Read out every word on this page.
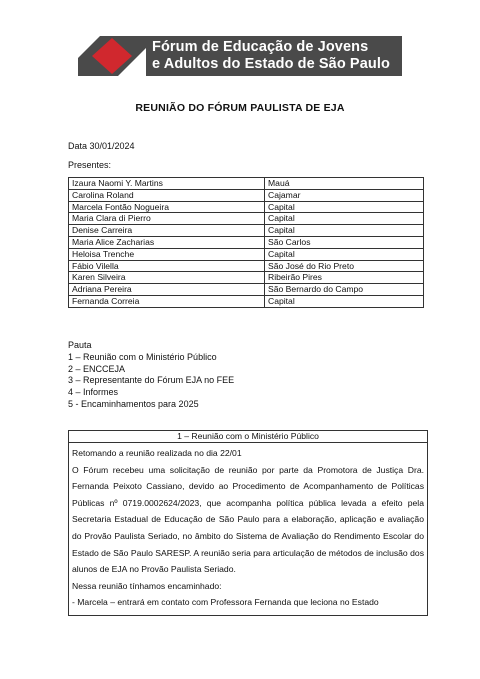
Fórum de Educação de Jovens
e Adultos do Estado de São Paulo
REUNIÃO DO FÓRUM PAULISTA DE EJA
Data 30/01/2024
Presentes:
Izaura Naomi Y. Martins	Mauá
Carolina Roland	Cajamar
Marcela Fontão Nogueira	Capital
Maria Clara di Pierro	Capital
Denise Carreira	Capital
Maria Alice Zacharias	São Carlos
Heloisa Trenche	Capital
Fábio Vilella	São José do Rio Preto
Karen Silveira	Ribeirão Pires
Adriana Pereira	São Bernardo do Campo
Fernanda Correia	Capital
Pauta
1 – Reunião com o Ministério Público
2 – ENCCEJA
3 – Representante do Fórum EJA no FEE
4 – Informes
5 - Encaminhamentos para 2025
1 – Reunião com o Ministério Público

Retomando a reunião realizada no dia 22/01

O Fórum recebeu uma solicitação de reunião por parte da Promotora de Justiça Dra. Fernanda Peixoto Cassiano, devido ao Procedimento de Acompanhamento de Políticas Públicas nº 0719.0002624/2023, que acompanha política pública levada a efeito pela Secretaria Estadual de Educação de São Paulo para a elaboração, aplicação e avaliação do Provão Paulista Seriado, no âmbito do Sistema de Avaliação do Rendimento Escolar do Estado de São Paulo SARESP. A reunião seria para articulação de métodos de inclusão dos alunos de EJA no Provão Paulista Seriado.

Nessa reunião tínhamos encaminhado:

- Marcela – entrará em contato com Professora Fernanda que leciona no Estado
